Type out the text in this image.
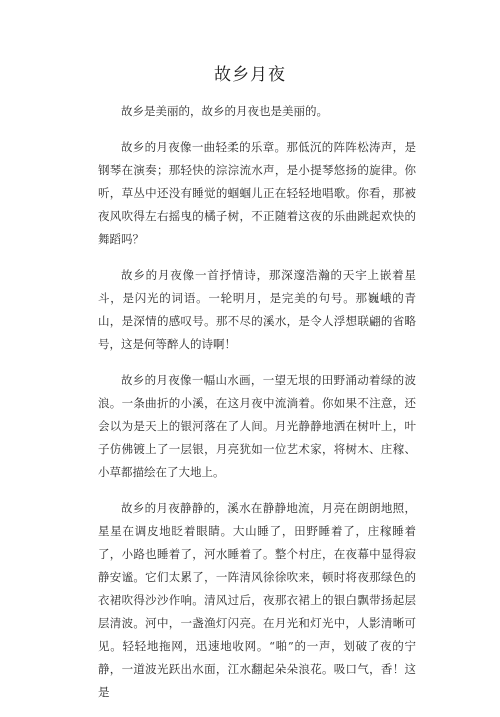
故乡月夜

故乡是美丽的，故乡的月夜也是美丽的。

故乡的月夜像一曲轻柔的乐章。那低沉的阵阵松涛声，是钢琴在演奏；那轻快的淙淙流水声，是小提琴悠扬的旋律。你听，草丛中还没有睡觉的蝈蝈儿正在轻轻地唱歌。你看，那被夜风吹得左右摇曳的橘子树，不正随着这夜的乐曲跳起欢快的舞蹈吗？

故乡的月夜像一首抒情诗，那深邃浩瀚的天宇上嵌着星斗，是闪光的词语。一轮明月，是完美的句号。那巍峨的青山，是深情的感叹号。那不尽的溪水，是令人浮想联翩的省略号，这是何等醉人的诗啊！

故乡的月夜像一幅山水画，一望无垠的田野涌动着绿的波浪。一条曲折的小溪，在这月夜中流淌着。你如果不注意，还会以为是天上的银河落在了人间。月光静静地洒在树叶上，叶子仿佛镀上了一层银，月亮犹如一位艺术家，将树木、庄稼、小草都描绘在了大地上。

故乡的月夜静静的，溪水在静静地流，月亮在朗朗地照，星星在调皮地眨着眼睛。大山睡了，田野睡着了，庄稼睡着了，小路也睡着了，河水睡着了。整个村庄，在夜幕中显得寂静安谧。它们太累了，一阵清风徐徐吹来，顿时将夜那绿色的衣裙吹得沙沙作响。清风过后，夜那衣裙上的银白飘带扬起层层清波。河中，一盏渔灯闪亮。在月光和灯光中，人影清晰可见。轻轻地拖网，迅速地收网。“啪”的一声，划破了夜的宁静，一道波光跃出水面，江水翻起朵朵浪花。吸口气，香！这是
